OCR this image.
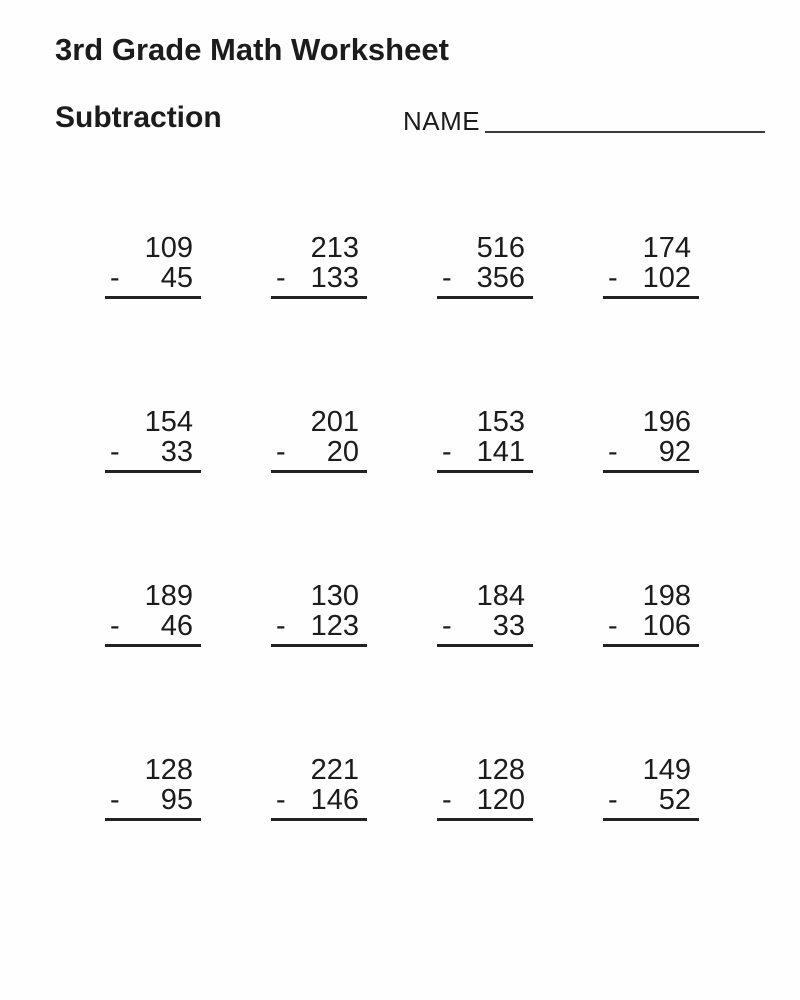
3rd Grade Math Worksheet
Subtraction	NAME
109
- 45
213
- 133
516
- 356
174
- 102
154
- 33
201
- 20
153
- 141
196
- 92
189
- 46
130
- 123
184
- 33
198
- 106
128
- 95
221
- 146
128
- 120
149
- 52
